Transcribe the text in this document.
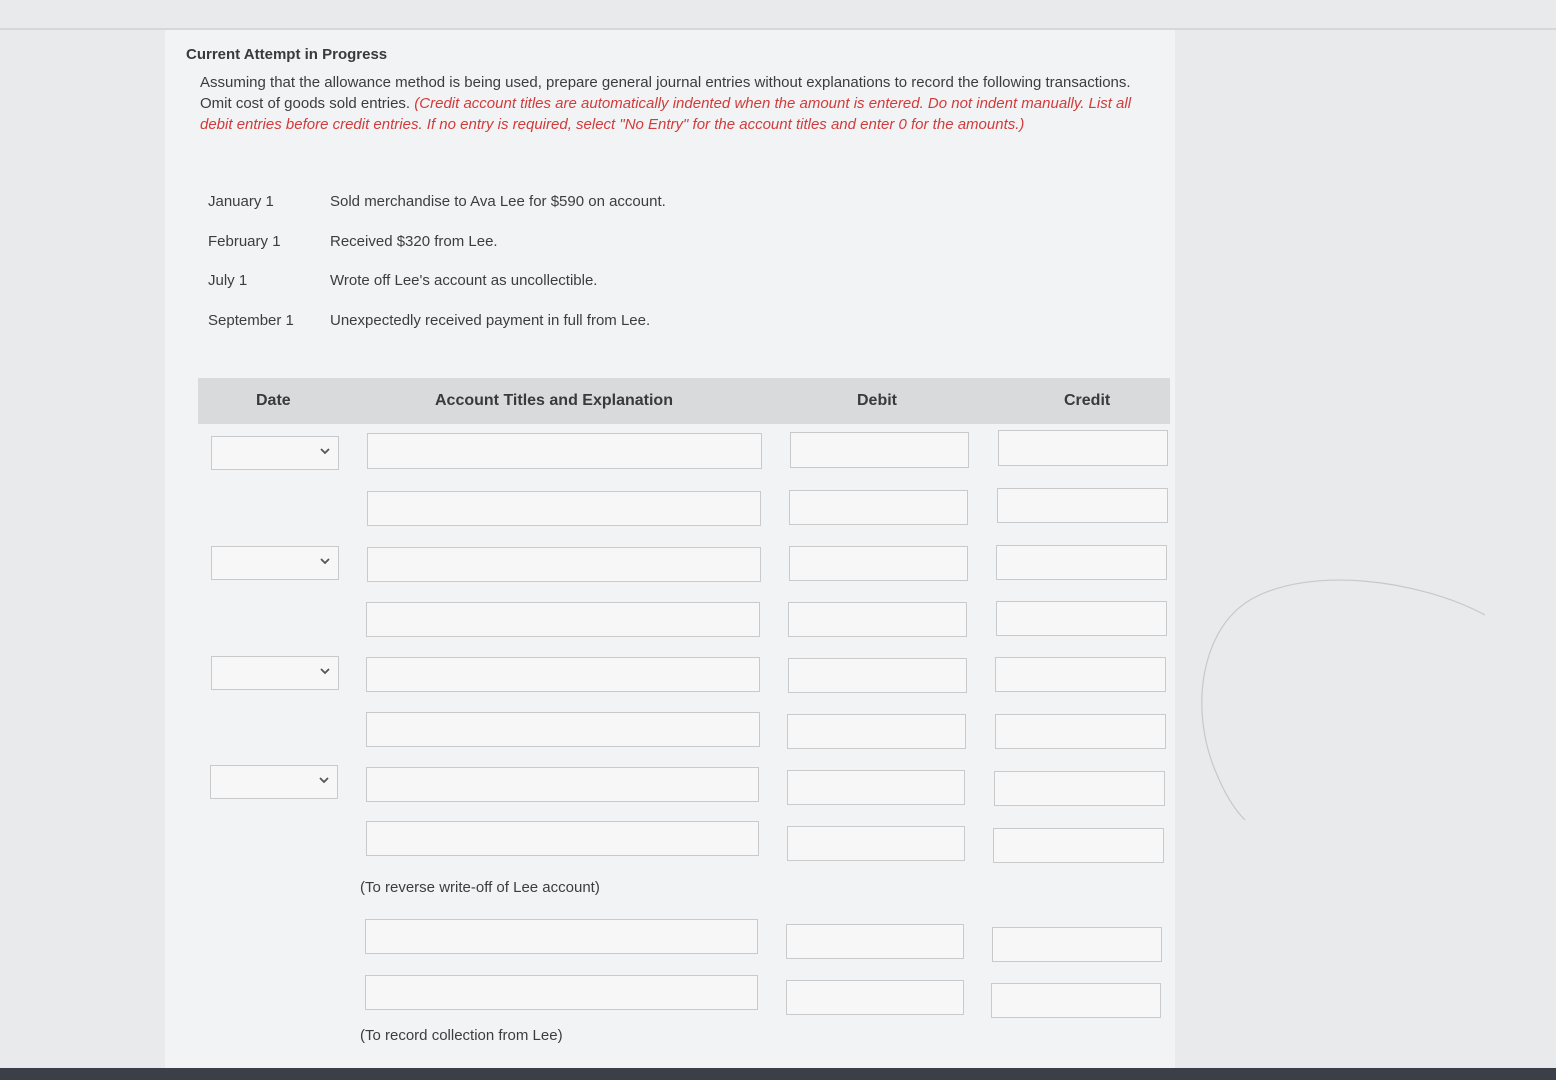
Current Attempt in Progress
Assuming that the allowance method is being used, prepare general journal entries without explanations to record the following transactions. Omit cost of goods sold entries. (Credit account titles are automatically indented when the amount is entered. Do not indent manually. List all debit entries before credit entries. If no entry is required, select "No Entry" for the account titles and enter 0 for the amounts.)
January 1	Sold merchandise to Ava Lee for $590 on account.
February 1	Received $320 from Lee.
July 1	Wrote off Lee's account as uncollectible.
September 1 Unexpectedly received payment in full from Lee.
Date	Account Titles and Explanation	Debit	Credit
(To reverse write-off of Lee account)
(To record collection from Lee)
